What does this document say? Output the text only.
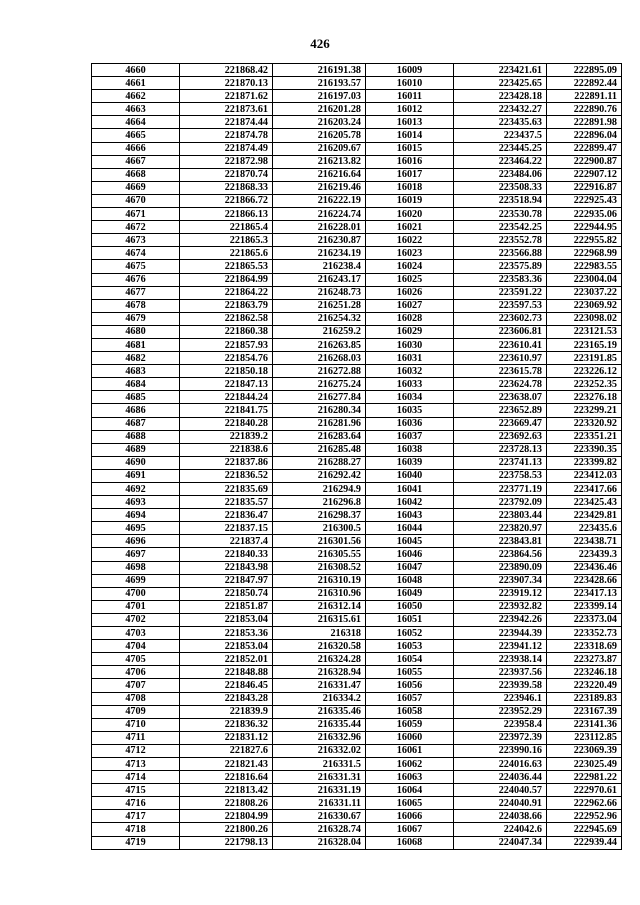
426
4660	221868.42	216191.38	16009	223421.61	222895.09
4661	221870.13	216193.57	16010	223425.65	222892.44
4662	221871.62	216197.03	16011	223428.18	222891.11
4663	221873.61	216201.28	16012	223432.27	222890.76
4664	221874.44	216203.24	16013	223435.63	222891.98
4665	221874.78	216205.78	16014	223437.5	222896.04
4666	221874.49	216209.67	16015	223445.25	222899.47
4667	221872.98	216213.82	16016	223464.22	222900.87
4668	221870.74	216216.64	16017	223484.06	222907.12
4669	221868.33	216219.46	16018	223508.33	222916.87
4670	221866.72	216222.19	16019	223518.94	222925.43
4671	221866.13	216224.74	16020	223530.78	222935.06
4672	221865.4	216228.01	16021	223542.25	222944.95
4673	221865.3	216230.87	16022	223552.78	222955.82
4674	221865.6	216234.19	16023	223566.88	222968.99
4675	221865.53	216238.4	16024	223575.89	222983.55
4676	221864.99	216243.17	16025	223583.36	223004.04
4677	221864.22	216248.73	16026	223591.22	223037.22
4678	221863.79	216251.28	16027	223597.53	223069.92
4679	221862.58	216254.32	16028	223602.73	223098.02
4680	221860.38	216259.2	16029	223606.81	223121.53
4681	221857.93	216263.85	16030	223610.41	223165.19
4682	221854.76	216268.03	16031	223610.97	223191.85
4683	221850.18	216272.88	16032	223615.78	223226.12
4684	221847.13	216275.24	16033	223624.78	223252.35
4685	221844.24	216277.84	16034	223638.07	223276.18
4686	221841.75	216280.34	16035	223652.89	223299.21
4687	221840.28	216281.96	16036	223669.47	223320.92
4688	221839.2	216283.64	16037	223692.63	223351.21
4689	221838.6	216285.48	16038	223728.13	223390.35
4690	221837.86	216288.27	16039	223741.13	223399.82
4691	221836.52	216292.42	16040	223758.53	223412.03
4692	221835.69	216294.9	16041	223771.19	223417.66
4693	221835.57	216296.8	16042	223792.09	223425.43
4694	221836.47	216298.37	16043	223803.44	223429.81
4695	221837.15	216300.5	16044	223820.97	223435.6
4696	221837.4	216301.56	16045	223843.81	223438.71
4697	221840.33	216305.55	16046	223864.56	223439.3
4698	221843.98	216308.52	16047	223890.09	223436.46
4699	221847.97	216310.19	16048	223907.34	223428.66
4700	221850.74	216310.96	16049	223919.12	223417.13
4701	221851.87	216312.14	16050	223932.82	223399.14
4702	221853.04	216315.61	16051	223942.26	223373.04
4703	221853.36	216318	16052	223944.39	223352.73
4704	221853.04	216320.58	16053	223941.12	223318.69
4705	221852.01	216324.28	16054	223938.14	223273.87
4706	221848.88	216328.94	16055	223937.56	223246.18
4707	221846.45	216331.47	16056	223939.58	223220.49
4708	221843.28	216334.2	16057	223946.1	223189.83
4709	221839.9	216335.46	16058	223952.29	223167.39
4710	221836.32	216335.44	16059	223958.4	223141.36
4711	221831.12	216332.96	16060	223972.39	223112.85
4712	221827.6	216332.02	16061	223990.16	223069.39
4713	221821.43	216331.5	16062	224016.63	223025.49
4714	221816.64	216331.31	16063	224036.44	222981.22
4715	221813.42	216331.19	16064	224040.57	222970.61
4716	221808.26	216331.11	16065	224040.91	222962.66
4717	221804.99	216330.67	16066	224038.66	222952.96
4718	221800.26	216328.74	16067	224042.6	222945.69
4719	221798.13	216328.04	16068	224047.34	222939.44
